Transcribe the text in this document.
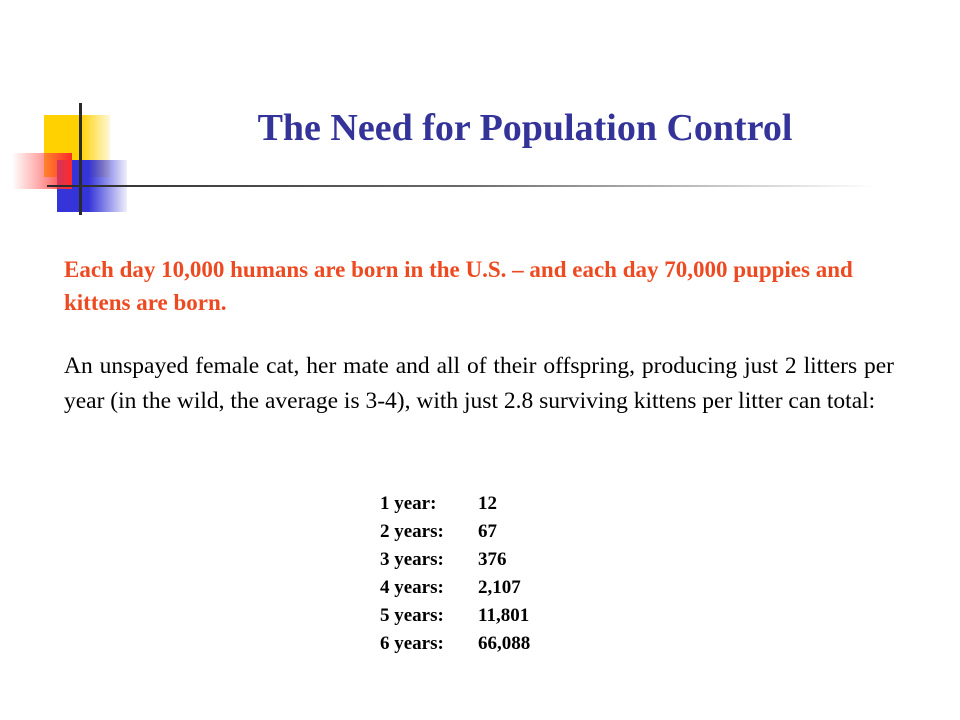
The Need for Population Control

Each day 10,000 humans are born in the U.S. – and each day 70,000 puppies and kittens are born.

An unspayed female cat, her mate and all of their offspring, producing just 2 litters per year (in the wild, the average is 3-4), with just 2.8 surviving kittens per litter can total:

1 year: 12
2 years: 67
3 years: 376
4 years: 2,107
5 years: 11,801
6 years: 66,088
